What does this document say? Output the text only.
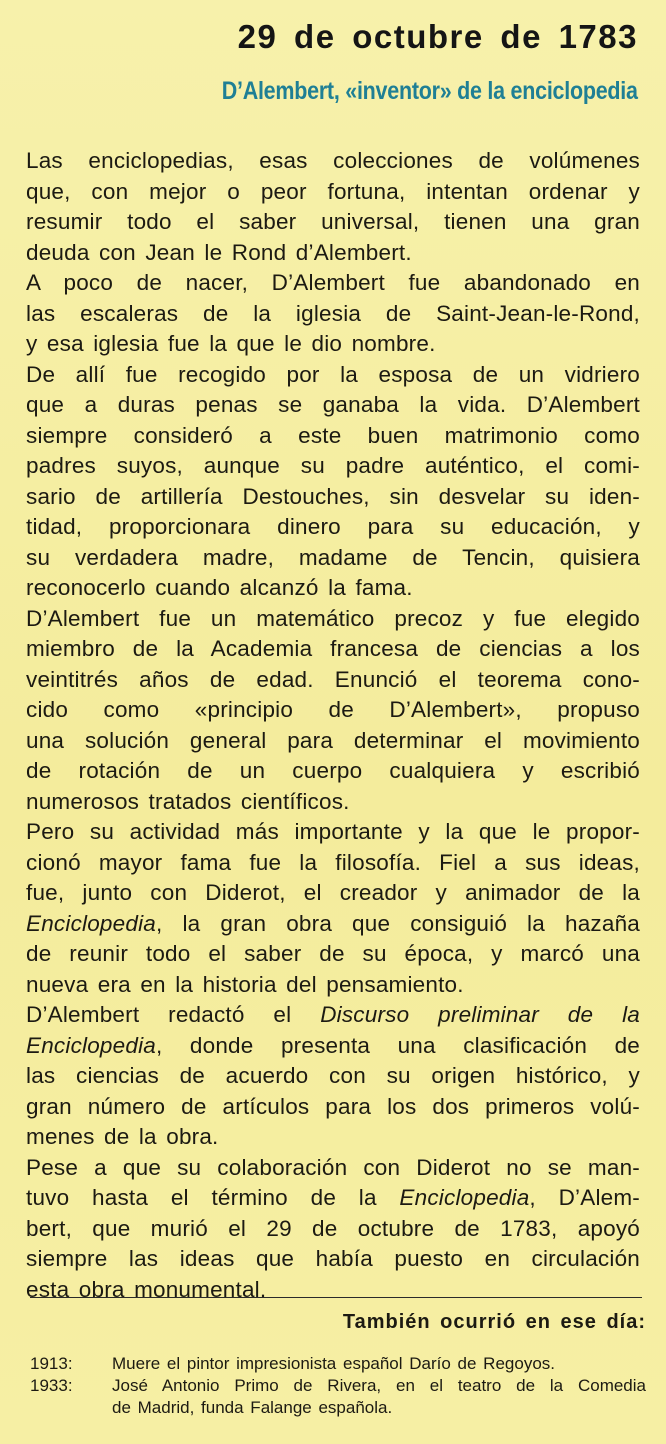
29 de octubre de 1783
D’Alembert, «inventor» de la enciclopedia
Las enciclopedias, esas colecciones de volúmenes
que, con mejor o peor fortuna, intentan ordenar y
resumir todo el saber universal, tienen una gran
deuda con Jean le Rond d’Alembert.
A poco de nacer, D’Alembert fue abandonado en
las escaleras de la iglesia de Saint-Jean-le-Rond,
y esa iglesia fue la que le dio nombre.
De allí fue recogido por la esposa de un vidriero
que a duras penas se ganaba la vida. D’Alembert
siempre consideró a este buen matrimonio como
padres suyos, aunque su padre auténtico, el comi-
sario de artillería Destouches, sin desvelar su iden-
tidad, proporcionara dinero para su educación, y
su verdadera madre, madame de Tencin, quisiera
reconocerlo cuando alcanzó la fama.
D’Alembert fue un matemático precoz y fue elegido
miembro de la Academia francesa de ciencias a los
veintitrés años de edad. Enunció el teorema cono-
cido como «principio de D’Alembert», propuso
una solución general para determinar el movimiento
de rotación de un cuerpo cualquiera y escribió
numerosos tratados científicos.
Pero su actividad más importante y la que le propor-
cionó mayor fama fue la filosofía. Fiel a sus ideas,
fue, junto con Diderot, el creador y animador de la
Enciclopedia, la gran obra que consiguió la hazaña
de reunir todo el saber de su época, y marcó una
nueva era en la historia del pensamiento.
D’Alembert redactó el Discurso preliminar de la
Enciclopedia, donde presenta una clasificación de
las ciencias de acuerdo con su origen histórico, y
gran número de artículos para los dos primeros volú-
menes de la obra.
Pese a que su colaboración con Diderot no se man-
tuvo hasta el término de la Enciclopedia, D’Alem-
bert, que murió el 29 de octubre de 1783, apoyó
siempre las ideas que había puesto en circulación
esta obra monumental.
También ocurrió en ese día:
1913:	Muere el pintor impresionista español Darío de Regoyos.
1933:	José Antonio Primo de Rivera, en el teatro de la Comedia
de Madrid, funda Falange española.
